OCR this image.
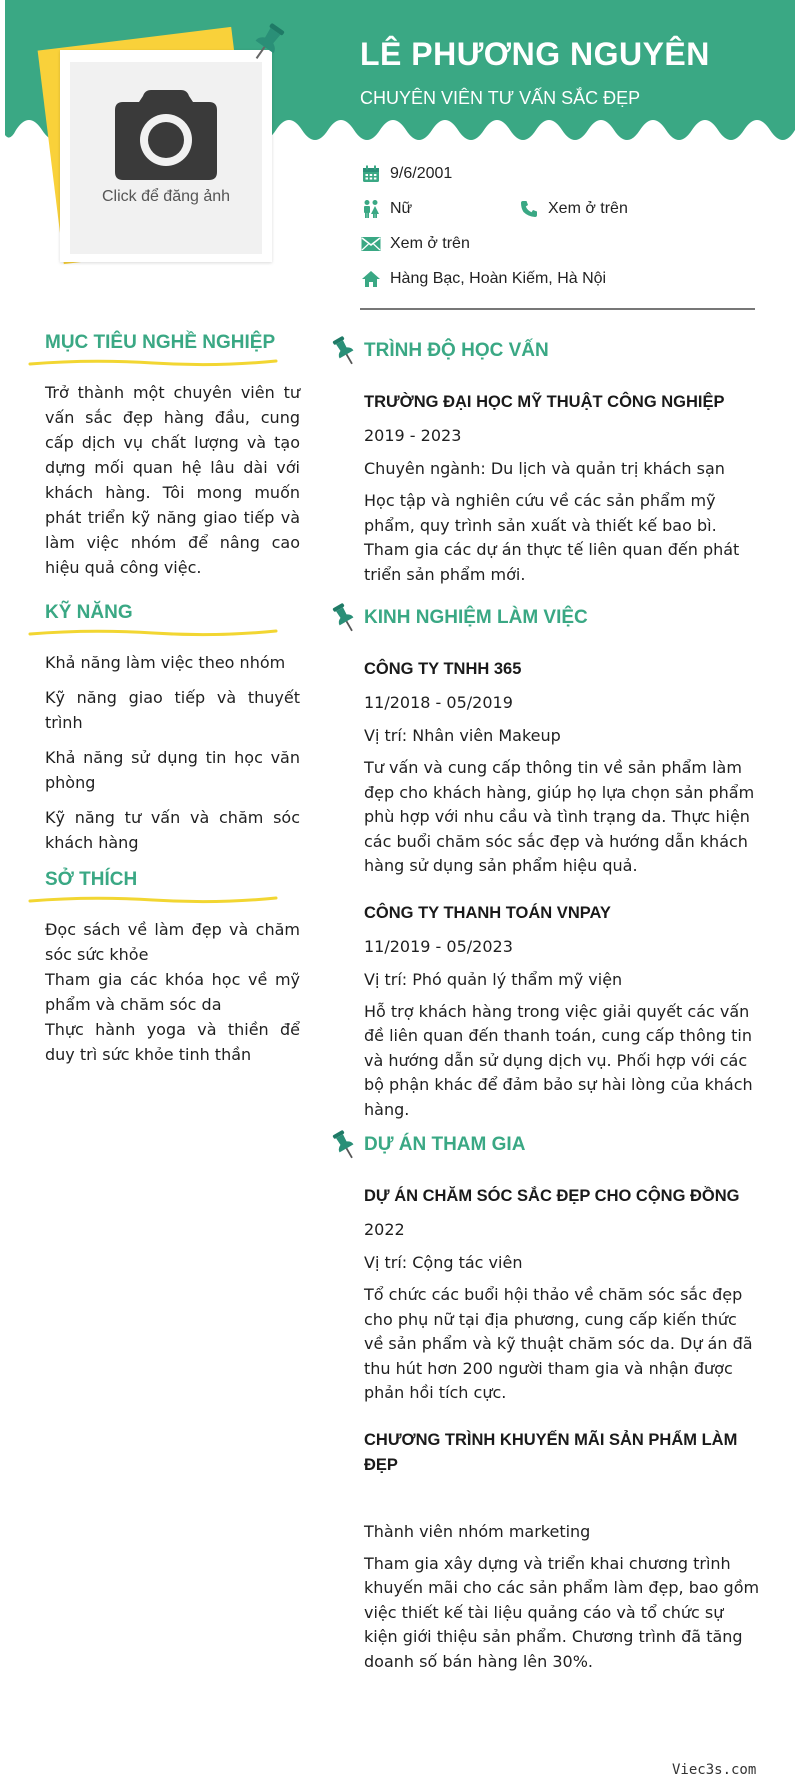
Click để đăng ảnh
LÊ PHƯƠNG NGUYÊN
CHUYÊN VIÊN TƯ VẤN SẮC ĐẸP
9/6/2001
Nữ	Xem ở trên
Xem ở trên
Hàng Bạc, Hoàn Kiếm, Hà Nội
MỤC TIÊU NGHỀ NGHIỆP
Trở thành một chuyên viên tư vấn sắc đẹp hàng đầu, cung cấp dịch vụ chất lượng và tạo dựng mối quan hệ lâu dài với khách hàng. Tôi mong muốn phát triển kỹ năng giao tiếp và làm việc nhóm để nâng cao hiệu quả công việc.
KỸ NĂNG
Khả năng làm việc theo nhóm
Kỹ năng giao tiếp và thuyết trình
Khả năng sử dụng tin học văn phòng
Kỹ năng tư vấn và chăm sóc khách hàng
SỞ THÍCH
Đọc sách về làm đẹp và chăm sóc sức khỏe
Tham gia các khóa học về mỹ phẩm và chăm sóc da
Thực hành yoga và thiền để duy trì sức khỏe tinh thần
TRÌNH ĐỘ HỌC VẤN
TRƯỜNG ĐẠI HỌC MỸ THUẬT CÔNG NGHIỆP
2019 - 2023
Chuyên ngành: Du lịch và quản trị khách sạn
Học tập và nghiên cứu về các sản phẩm mỹ phẩm, quy trình sản xuất và thiết kế bao bì. Tham gia các dự án thực tế liên quan đến phát triển sản phẩm mới.
KINH NGHIỆM LÀM VIỆC
CÔNG TY TNHH 365
11/2018 - 05/2019
Vị trí: Nhân viên Makeup
Tư vấn và cung cấp thông tin về sản phẩm làm đẹp cho khách hàng, giúp họ lựa chọn sản phẩm phù hợp với nhu cầu và tình trạng da. Thực hiện các buổi chăm sóc sắc đẹp và hướng dẫn khách hàng sử dụng sản phẩm hiệu quả.
CÔNG TY THANH TOÁN VNPAY
11/2019 - 05/2023
Vị trí: Phó quản lý thẩm mỹ viện
Hỗ trợ khách hàng trong việc giải quyết các vấn đề liên quan đến thanh toán, cung cấp thông tin và hướng dẫn sử dụng dịch vụ. Phối hợp với các bộ phận khác để đảm bảo sự hài lòng của khách hàng.
DỰ ÁN THAM GIA
DỰ ÁN CHĂM SÓC SẮC ĐẸP CHO CỘNG ĐỒNG
2022
Vị trí: Cộng tác viên
Tổ chức các buổi hội thảo về chăm sóc sắc đẹp cho phụ nữ tại địa phương, cung cấp kiến thức về sản phẩm và kỹ thuật chăm sóc da. Dự án đã thu hút hơn 200 người tham gia và nhận được phản hồi tích cực.
CHƯƠNG TRÌNH KHUYẾN MÃI SẢN PHẨM LÀM ĐẸP
Thành viên nhóm marketing
Tham gia xây dựng và triển khai chương trình khuyến mãi cho các sản phẩm làm đẹp, bao gồm việc thiết kế tài liệu quảng cáo và tổ chức sự kiện giới thiệu sản phẩm. Chương trình đã tăng doanh số bán hàng lên 30%.
Viec3s.com
